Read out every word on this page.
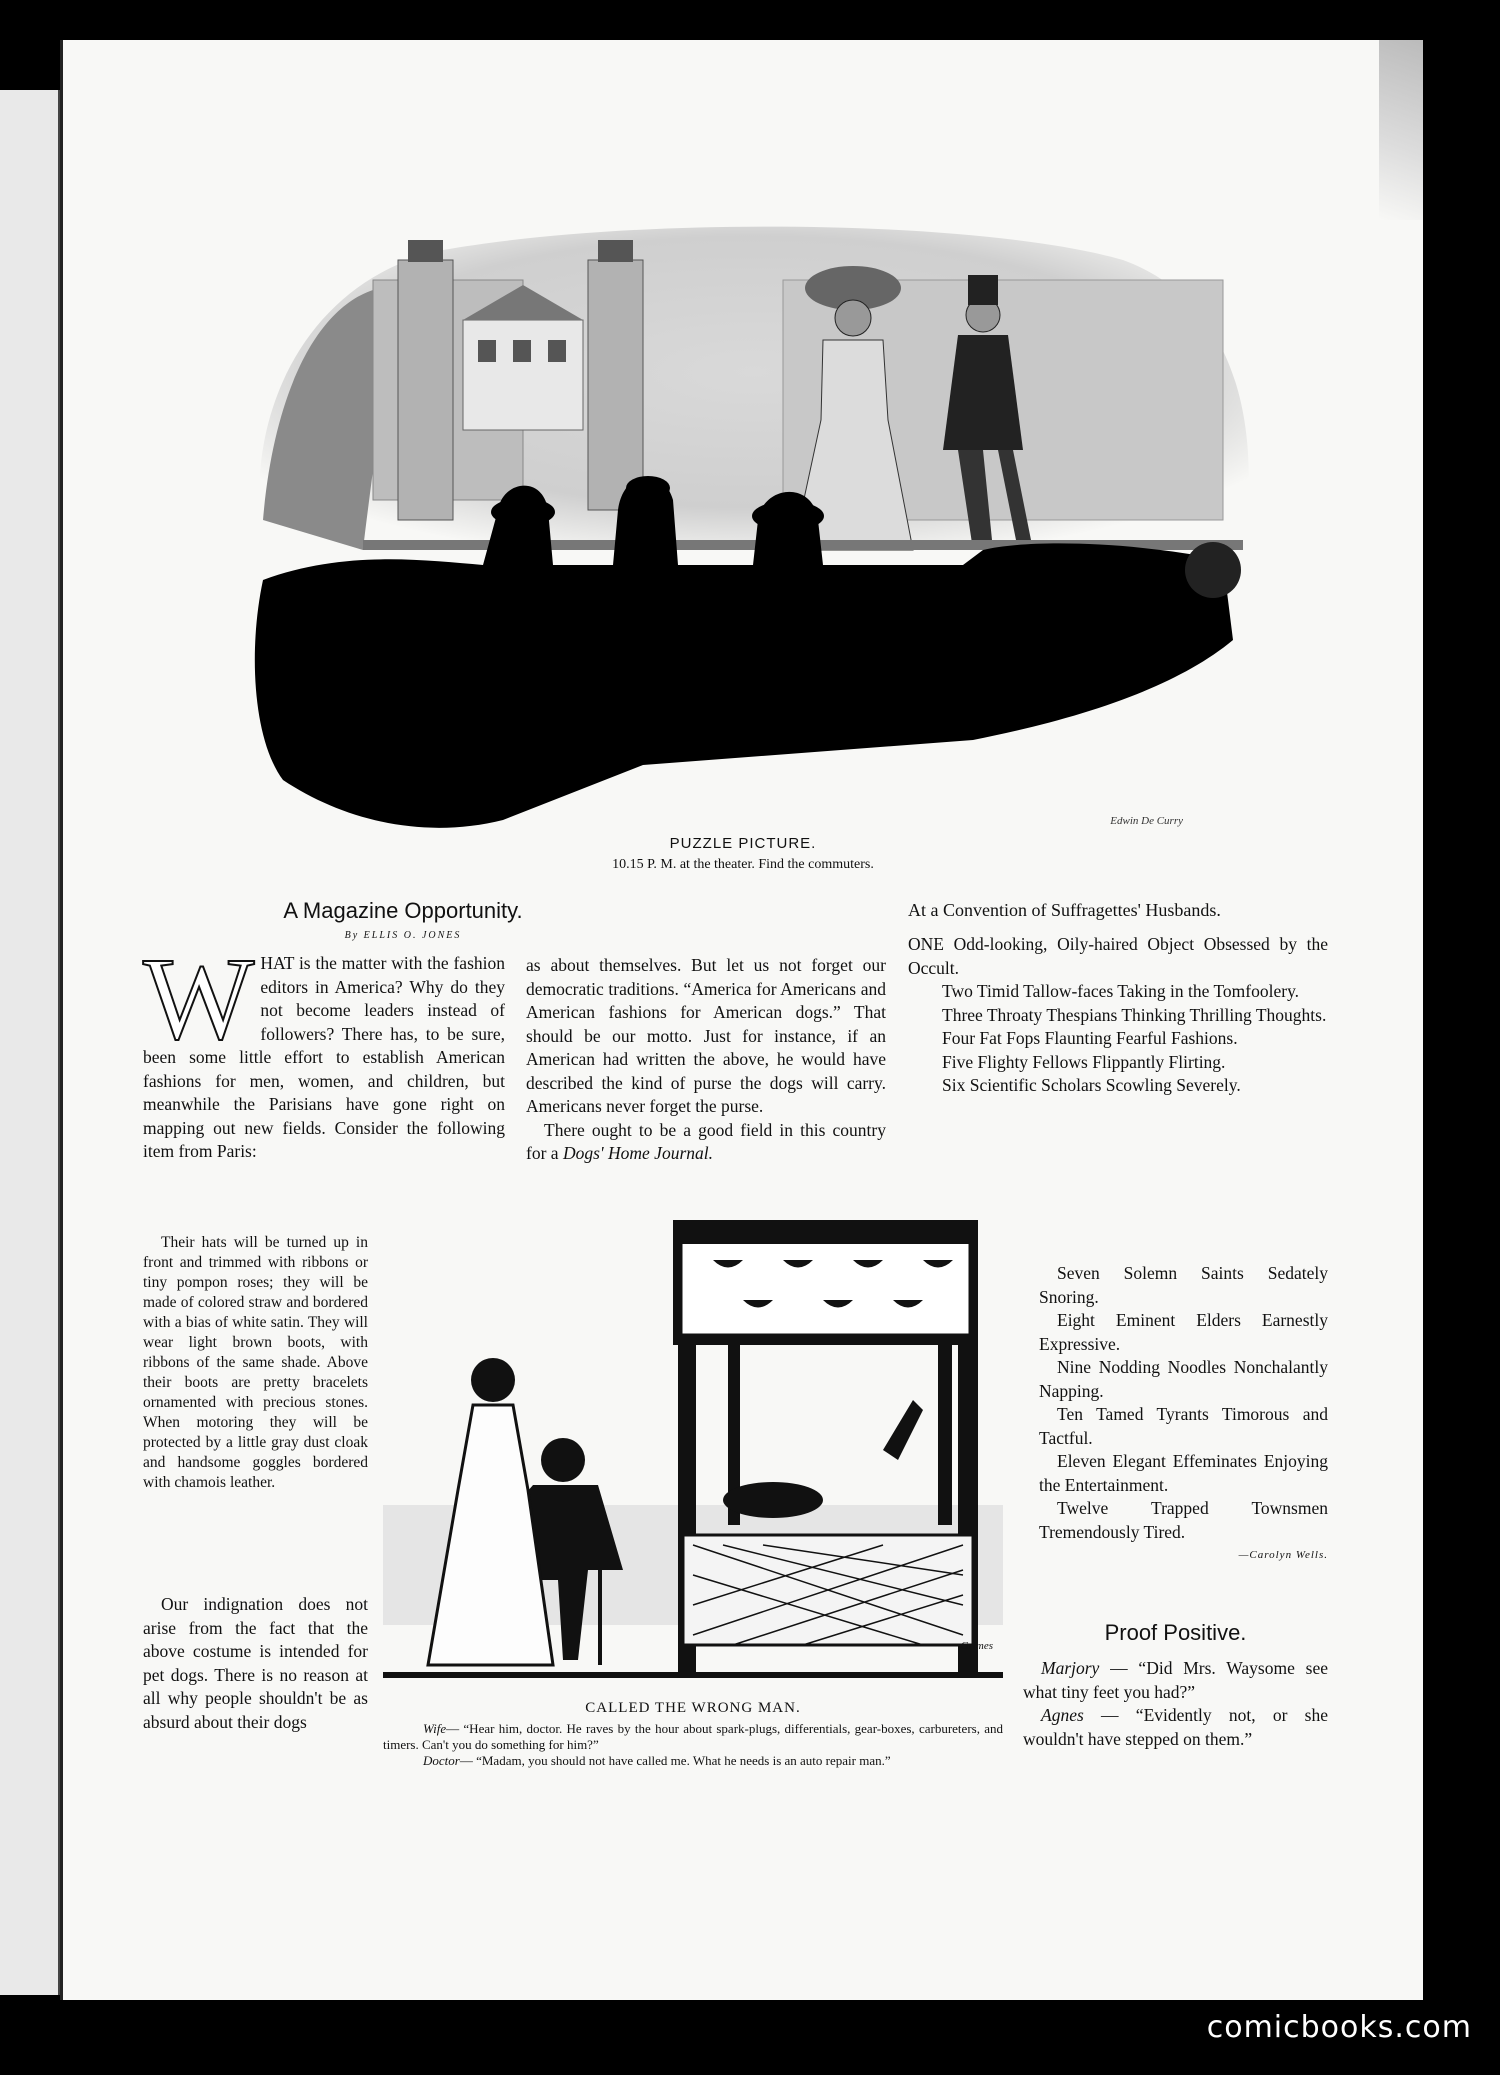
Edwin De Curry
PUZZLE PICTURE.
10.15 P. M. at the theater. Find the commuters.
A Magazine Opportunity.
By ELLIS O. JONES

WHAT is the matter with the fashion editors in America? Why do they not become leaders instead of followers? There has, to be sure, been some little effort to establish American fashions for men, women, and children, but meanwhile the Parisians have gone right on mapping out new fields. Consider the following item from Paris:

Their hats will be turned up in front and trimmed with ribbons or tiny pompon roses; they will be made of colored straw and bordered with a bias of white satin. They will wear light brown boots, with ribbons of the same shade. Above their boots are pretty bracelets ornamented with precious stones. When motoring they will be protected by a little gray dust cloak and handsome goggles bordered with chamois leather.

Our indignation does not arise from the fact that the above costume is intended for pet dogs. There is no reason at all why people shouldn't be as absurd about their dogs

as about themselves. But let us not forget our democratic traditions. “America for Americans and American fashions for American dogs.” That should be our motto. Just for instance, if an American had written the above, he would have described the kind of purse the dogs will carry. Americans never forget the purse.

There ought to be a good field in this country for a Dogs' Home Journal.

Grimes
CALLED THE WRONG MAN.
Wife— “Hear him, doctor. He raves by the hour about spark-plugs, differentials, gear-boxes, carbureters, and timers. Can't you do something for him?”
Doctor— “Madam, you should not have called me. What he needs is an auto repair man.”
At a Convention of Suffragettes' Husbands.

ONE Odd-looking, Oily-haired Object Obsessed by the Occult.

Two Timid Tallow-faces Taking in the Tomfoolery.

Three Throaty Thespians Thinking Thrilling Thoughts.

Four Fat Fops Flaunting Fearful Fashions.

Five Flighty Fellows Flippantly Flirting.

Six Scientific Scholars Scowling Severely.

Seven Solemn Saints Sedately Snoring.

Eight Eminent Elders Earnestly Expressive.

Nine Nodding Noodles Nonchalantly Napping.

Ten Tamed Tyrants Timorous and Tactful.

Eleven Elegant Effeminates Enjoying the Entertainment.

Twelve Trapped Townsmen Tremendously Tired.

—Carolyn Wells.
Proof Positive.

Marjory — “Did Mrs. Waysome see what tiny feet you had?”

Agnes — “Evidently not, or she wouldn't have stepped on them.”

comicbooks.com
